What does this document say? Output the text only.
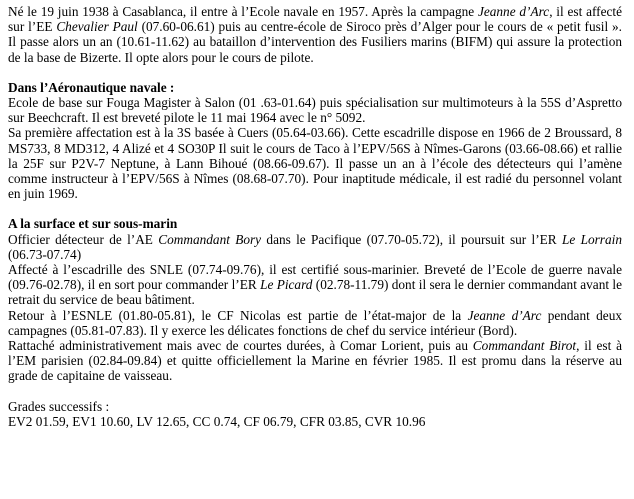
Né le 19 juin 1938 à Casablanca, il entre à l’Ecole navale en 1957. Après la campagne Jeanne d’Arc, il est affecté sur l’EE Chevalier Paul (07.60-06.61) puis au centre-école de Siroco près d’Alger pour le cours de « petit fusil ». Il passe alors un an (10.61-11.62) au bataillon d’intervention des Fusiliers marins (BIFM) qui assure la protection de la base de Bizerte. Il opte alors pour le cours de pilote.

Dans l’Aéronautique navale :

Ecole de base sur Fouga Magister à Salon (01 .63-01.64) puis spécialisation sur multimoteurs à la 55S d’Aspretto sur Beechcraft. Il est breveté pilote le 11 mai 1964 avec le n° 5092.

Sa première affectation est à la 3S basée à Cuers (05.64-03.66). Cette escadrille dispose en 1966 de 2 Broussard, 8 MS733, 8 MD312, 4 Alizé et 4 SO30P Il suit le cours de Taco à l’EPV/56S à Nîmes-Garons (03.66-08.66) et rallie la 25F sur P2V-7 Neptune, à Lann Bihoué (08.66-09.67). Il passe un an à l’école des détecteurs qui l’amène comme instructeur à l’EPV/56S à Nîmes (08.68-07.70). Pour inaptitude médicale, il est radié du personnel volant en juin 1969.

A la surface et sur sous-marin

Officier détecteur de l’AE Commandant Bory dans le Pacifique (07.70-05.72), il poursuit sur l’ER Le Lorrain (06.73-07.74)

Affecté à l’escadrille des SNLE (07.74-09.76), il est certifié sous-marinier. Breveté de l’Ecole de guerre navale (09.76-02.78), il en sort pour commander l’ER Le Picard (02.78-11.79) dont il sera le dernier commandant avant le retrait du service de beau bâtiment.

Retour à l’ESNLE (01.80-05.81), le CF Nicolas est partie de l’état-major de la Jeanne d’Arc pendant deux campagnes (05.81-07.83). Il y exerce les délicates fonctions de chef du service intérieur (Bord).

Rattaché administrativement mais avec de courtes durées, à Comar Lorient, puis au Commandant Birot, il est à l’EM parisien (02.84-09.84) et quitte officiellement la Marine en février 1985. Il est promu dans la réserve au grade de capitaine de vaisseau.

Grades successifs :

EV2 01.59, EV1 10.60, LV 12.65, CC 0.74, CF 06.79, CFR 03.85, CVR 10.96
